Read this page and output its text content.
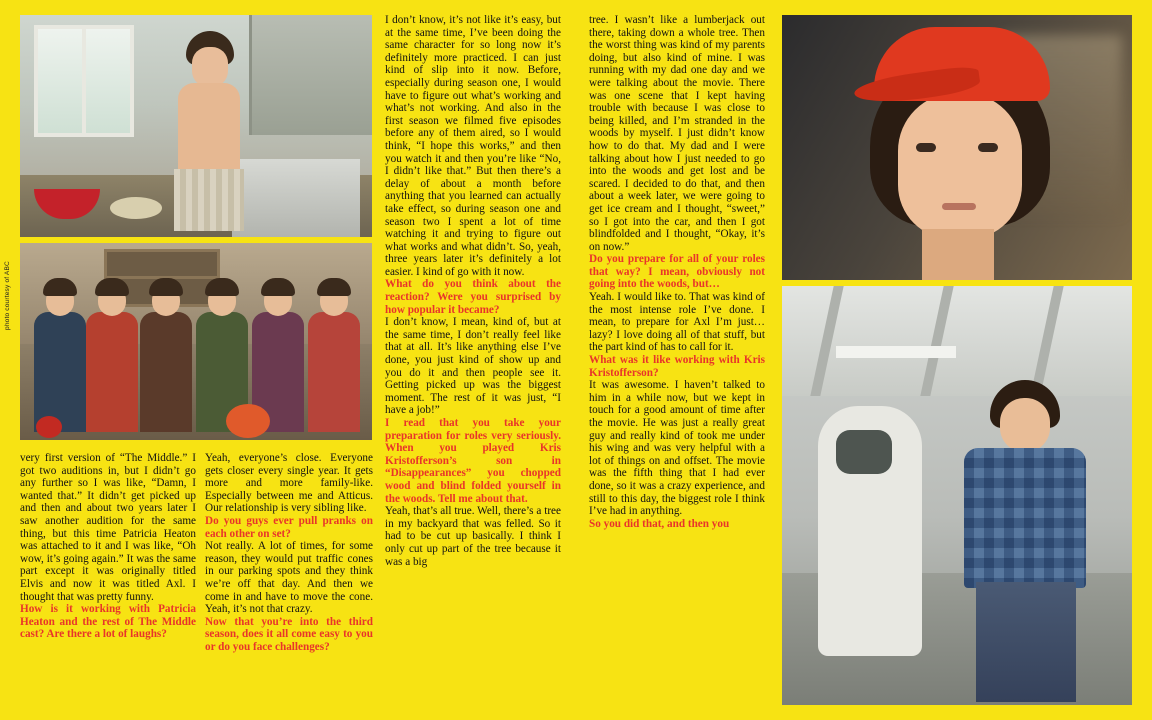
photo courtesy of ABC

very first version of “The Middle.” I got two auditions in, but I didn’t go any further so I was like, “Damn, I wanted that.” It didn’t get picked up and then and about two years later I saw another audition for the same thing, but this time Patricia Heaton was attached to it and I was like, “Oh wow, it’s going again.” It was the same part except it was originally titled Elvis and now it was titled Axl. I thought that was pretty funny.

How is it working with Patricia Heaton and the rest of The Middle cast? Are there a lot of laughs?

Yeah, everyone’s close. Everyone gets closer every single year. It gets more and more family-like. Especially between me and Atticus. Our relationship is very sibling like.

Do you guys ever pull pranks on each other on set?

Not really. A lot of times, for some reason, they would put traffic cones in our parking spots and they think we’re off that day. And then we come in and have to move the cone. Yeah, it’s not that crazy.

Now that you’re into the third season, does it all come easy to you or do you face challenges?

I don’t know, it’s not like it’s easy, but at the same time, I’ve been doing the same character for so long now it’s definitely more practiced. I can just kind of slip into it now. Before, especially during season one, I would have to figure out what’s working and what’s not working. And also in the first season we filmed five episodes before any of them aired, so I would think, “I hope this works,” and then you watch it and then you’re like “No, I didn’t like that.” But then there’s a delay of about a month before anything that you learned can actually take effect, so during season one and season two I spent a lot of time watching it and trying to figure out what works and what didn’t. So, yeah, three years later it’s definitely a lot easier. I kind of go with it now.

What do you think about the reaction? Were you surprised by how popular it became?

I don’t know, I mean, kind of, but at the same time, I don’t really feel like that at all. It’s like anything else I’ve done, you just kind of show up and you do it and then people see it. Getting picked up was the biggest moment. The rest of it was just, “I have a job!”

I read that you take your preparation for roles very seriously. When you played Kris Kristofferson’s son in “Disappearances” you chopped wood and blind folded yourself in the woods. Tell me about that.

Yeah, that’s all true. Well, there’s a tree in my backyard that was felled. So it had to be cut up basically. I think I only cut up part of the tree because it was a big

tree. I wasn’t like a lumberjack out there, taking down a whole tree. Then the worst thing was kind of my parents doing, but also kind of mine. I was running with my dad one day and we were talking about the movie. There was one scene that I kept having trouble with because I was close to being killed, and I’m stranded in the woods by myself. I just didn’t know how to do that. My dad and I were talking about how I just needed to go into the woods and get lost and be scared. I decided to do that, and then about a week later, we were going to get ice cream and I thought, “sweet,” so I got into the car, and then I got blindfolded and I thought, “Okay, it’s on now.”

Do you prepare for all of your roles that way? I mean, obviously not going into the woods, but…

Yeah. I would like to. That was kind of the most intense role I’ve done. I mean, to prepare for Axl I’m just… lazy? I love doing all of that stuff, but the part kind of has to call for it.

What was it like working with Kris Kristofferson?

It was awesome. I haven’t talked to him in a while now, but we kept in touch for a good amount of time after the movie. He was just a really great guy and really kind of took me under his wing and was very helpful with a lot of things on and offset. The movie was the fifth thing that I had ever done, so it was a crazy experience, and still to this day, the biggest role I think I’ve had in anything.

So you did that, and then you
